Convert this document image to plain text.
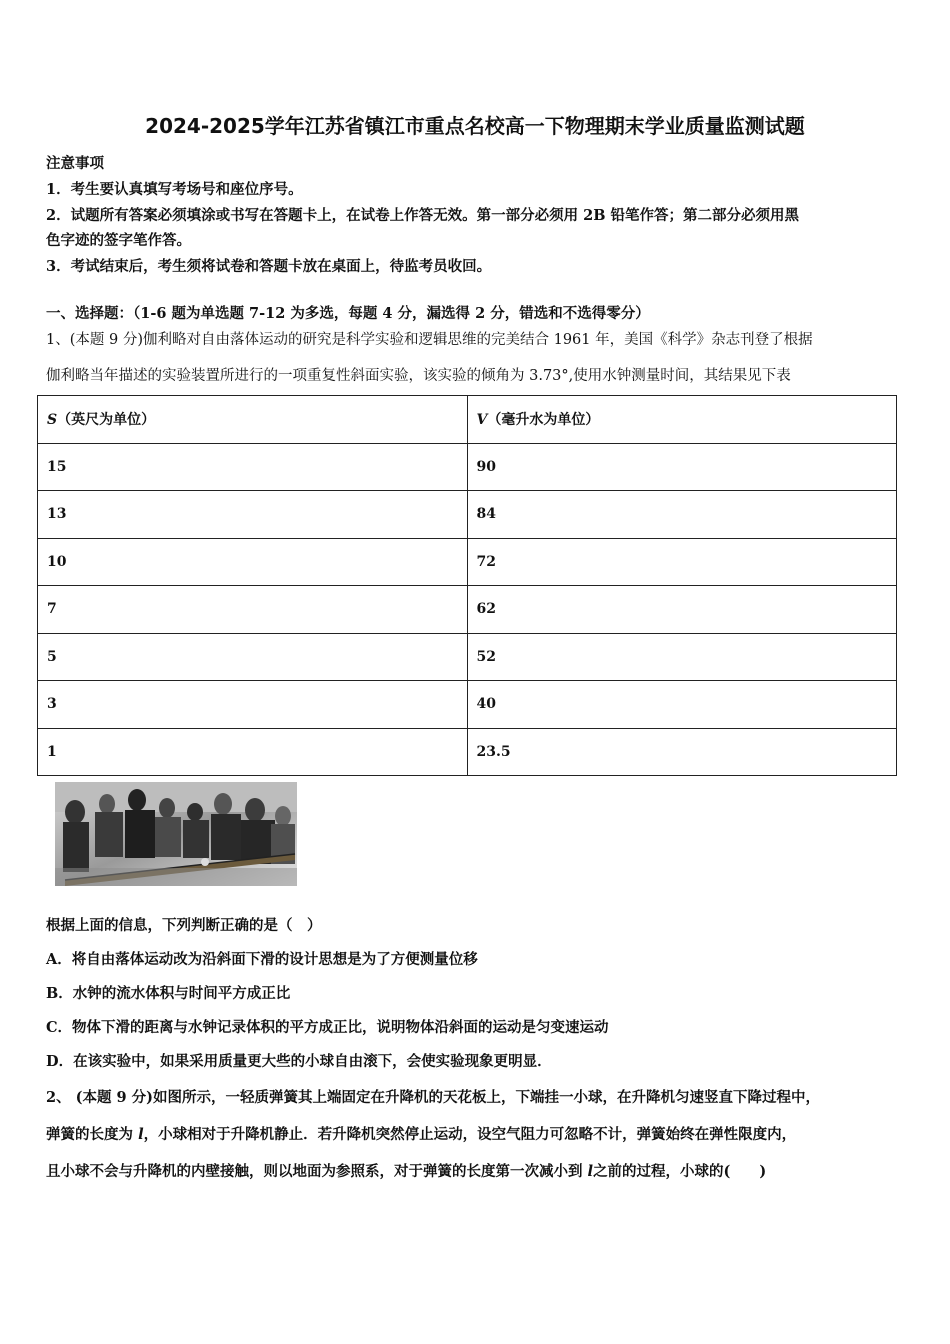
2024-2025学年江苏省镇江市重点名校高一下物理期末学业质量监测试题
注意事项
1．考生要认真填写考场号和座位序号。
2．试题所有答案必须填涂或书写在答题卡上，在试卷上作答无效。第一部分必须用 2B 铅笔作答；第二部分必须用黑
色字迹的签字笔作答。
3．考试结束后，考生须将试卷和答题卡放在桌面上，待监考员收回。
一、选择题：（1-6 题为单选题 7-12 为多选，每题 4 分，漏选得 2 分，错选和不选得零分）
1、(本题 9 分)伽利略对自由落体运动的研究是科学实验和逻辑思维的完美结合 1961 年，美国《科学》杂志刊登了根据
伽利略当年描述的实验装置所进行的一项重复性斜面实验，该实验的倾角为 3.73°,使用水钟测量时间，其结果见下表
S（英尺为单位）	V（毫升水为单位）
15	90
13	84
10	72
7	62
5	52
3	40
1	23.5
根据上面的信息，下列判断正确的是（　）
A．将自由落体运动改为沿斜面下滑的设计思想是为了方便测量位移
B．水钟的流水体积与时间平方成正比
C．物体下滑的距离与水钟记录体积的平方成正比，说明物体沿斜面的运动是匀变速运动
D．在该实验中，如果采用质量更大些的小球自由滚下，会使实验现象更明显．
2、 (本题 9 分)如图所示，一轻质弹簧其上端固定在升降机的天花板上，下端挂一小球，在升降机匀速竖直下降过程中，
弹簧的长度为 l，小球相对于升降机静止．若升降机突然停止运动，设空气阻力可忽略不计，弹簧始终在弹性限度内，
且小球不会与升降机的内壁接触，则以地面为参照系，对于弹簧的长度第一次减小到 l之前的过程，小球的(　　)
